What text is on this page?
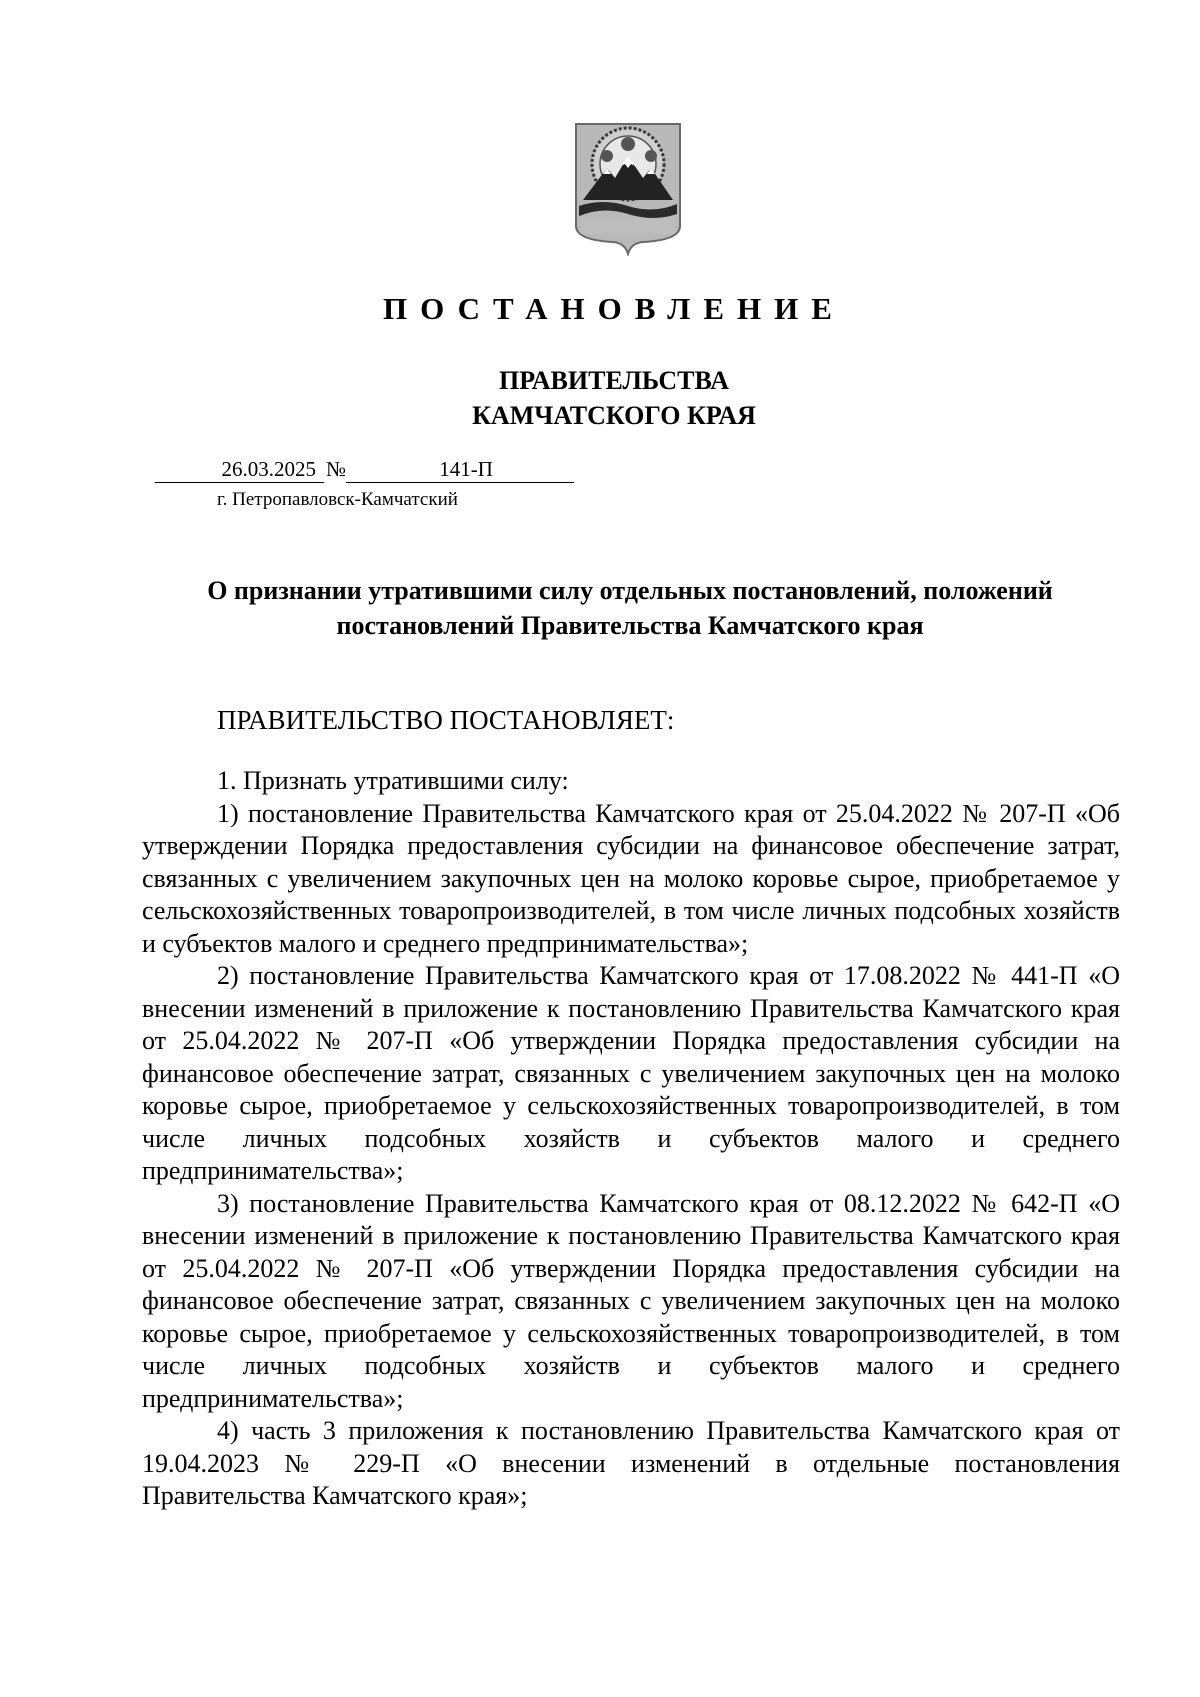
ПОСТАНОВЛЕНИЕ
ПРАВИТЕЛЬСТВА
КАМЧАТСКОГО КРАЯ
26.03.2025 №	141-П
г. Петропавловск-Камчатский
О признании утратившими силу отдельных постановлений, положений постановлений Правительства Камчатского края
ПРАВИТЕЛЬСТВО ПОСТАНОВЛЯЕТ:

1. Признать утратившими силу:

1) постановление Правительства Камчатского края от 25.04.2022 № 207-П «Об утверждении Порядка предоставления субсидии на финансовое обеспечение затрат, связанных с увеличением закупочных цен на молоко коровье сырое, приобретаемое у сельскохозяйственных товаропроизводителей, в том числе личных подсобных хозяйств и субъектов малого и среднего предпринимательства»;

2) постановление Правительства Камчатского края от 17.08.2022 № 441-П «О внесении изменений в приложение к постановлению Правительства Камчатского края от 25.04.2022 № 207-П «Об утверждении Порядка предоставления субсидии на финансовое обеспечение затрат, связанных с увеличением закупочных цен на молоко коровье сырое, приобретаемое у сельскохозяйственных товаропроизводителей, в том числе личных подсобных хозяйств и субъектов малого и среднего предпринимательства»;

3) постановление Правительства Камчатского края от 08.12.2022 № 642-П «О внесении изменений в приложение к постановлению Правительства Камчатского края от 25.04.2022 № 207-П «Об утверждении Порядка предоставления субсидии на финансовое обеспечение затрат, связанных с увеличением закупочных цен на молоко коровье сырое, приобретаемое у сельскохозяйственных товаропроизводителей, в том числе личных подсобных хозяйств и субъектов малого и среднего предпринимательства»;

4) часть 3 приложения к постановлению Правительства Камчатского края от 19.04.2023 № 229-П «О внесении изменений в отдельные постановления Правительства Камчатского края»;
